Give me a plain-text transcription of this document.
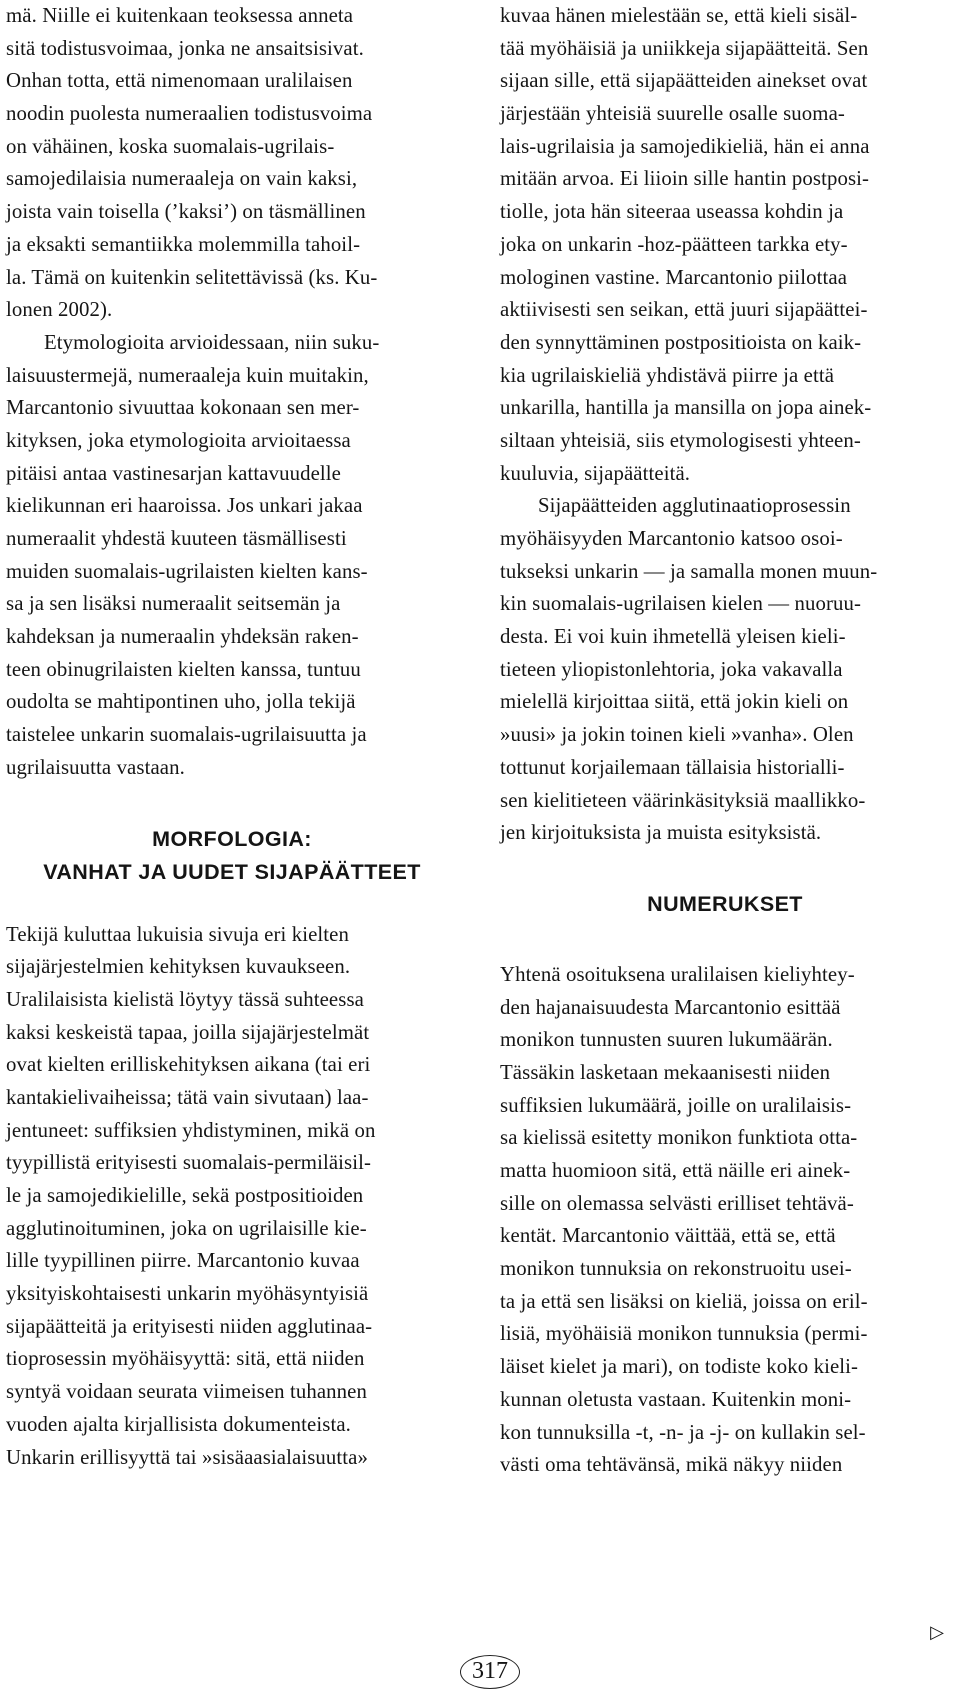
mä. Niille ei kuitenkaan teoksessa anneta
sitä todistusvoimaa, jonka ne ansaitsisivat.
Onhan totta, että nimenomaan uralilaisen
noodin puolesta numeraalien todistusvoima
on vähäinen, koska suomalais-ugrilais-
samojedilaisia numeraaleja on vain kaksi,
joista vain toisella (’kaksi’) on täsmällinen
ja eksakti semantiikka molemmilla tahoil-
la. Tämä on kuitenkin selitettävissä (ks. Ku-
lonen 2002).
Etymologioita arvioidessaan, niin suku-
laisuustermejä, numeraaleja kuin muitakin,
Marcantonio sivuuttaa kokonaan sen mer-
kityksen, joka etymologioita arvioitaessa
pitäisi antaa vastinesarjan kattavuudelle
kielikunnan eri haaroissa. Jos unkari jakaa
numeraalit yhdestä kuuteen täsmällisesti
muiden suomalais-ugrilaisten kielten kans-
sa ja sen lisäksi numeraalit seitsemän ja
kahdeksan ja numeraalin yhdeksän raken-
teen obinugrilaisten kielten kanssa, tuntuu
oudolta se mahtipontinen uho, jolla tekijä
taistelee unkarin suomalais-ugrilaisuutta ja
ugrilaisuutta vastaan.
MORFOLOGIA:
VANHAT JA UUDET SIJAPÄÄTTEET
Tekijä kuluttaa lukuisia sivuja eri kielten
sijajärjestelmien kehityksen kuvaukseen.
Uralilaisista kielistä löytyy tässä suhteessa
kaksi keskeistä tapaa, joilla sijajärjestelmät
ovat kielten erilliskehityksen aikana (tai eri
kantakielivaiheissa; tätä vain sivutaan) laa-
jentuneet: suffiksien yhdistyminen, mikä on
tyypillistä erityisesti suomalais-permiläisil-
le ja samojedikielille, sekä postpositioiden
agglutinoituminen, joka on ugrilaisille kie-
lille tyypillinen piirre. Marcantonio kuvaa
yksityiskohtaisesti unkarin myöhäsyntyisiä
sijapäätteitä ja erityisesti niiden agglutinaa-
tioprosessin myöhäisyyttä: sitä, että niiden
syntyä voidaan seurata viimeisen tuhannen
vuoden ajalta kirjallisista dokumenteista.
Unkarin erillisyyttä tai »sisäaasialaisuutta»
kuvaa hänen mielestään se, että kieli sisäl-
tää myöhäisiä ja uniikkeja sijapäätteitä. Sen
sijaan sille, että sijapäätteiden ainekset ovat
järjestään yhteisiä suurelle osalle suoma-
lais-ugrilaisia ja samojedikieliä, hän ei anna
mitään arvoa. Ei liioin sille hantin postposi-
tiolle, jota hän siteeraa useassa kohdin ja
joka on unkarin -hoz-päätteen tarkka ety-
mologinen vastine. Marcantonio piilottaa
aktiivisesti sen seikan, että juuri sijapäättei-
den synnyttäminen postpositioista on kaik-
kia ugrilaiskieliä yhdistävä piirre ja että
unkarilla, hantilla ja mansilla on jopa ainek-
siltaan yhteisiä, siis etymologisesti yhteen-
kuuluvia, sijapäätteitä.
Sijapäätteiden agglutinaatioprosessin
myöhäisyyden Marcantonio katsoo osoi-
tukseksi unkarin — ja samalla monen muun-
kin suomalais-ugrilaisen kielen — nuoruu-
desta. Ei voi kuin ihmetellä yleisen kieli-
tieteen yliopistonlehtoria, joka vakavalla
mielellä kirjoittaa siitä, että jokin kieli on
»uusi» ja jokin toinen kieli »vanha». Olen
tottunut korjailemaan tällaisia historialli-
sen kielitieteen väärinkäsityksiä maallikko-
jen kirjoituksista ja muista esityksistä.
NUMERUKSET
Yhtenä osoituksena uralilaisen kieliyhtey-
den hajanaisuudesta Marcantonio esittää
monikon tunnusten suuren lukumäärän.
Tässäkin lasketaan mekaanisesti niiden
suffiksien lukumäärä, joille on uralilaisis-
sa kielissä esitetty monikon funktiota otta-
matta huomioon sitä, että näille eri ainek-
sille on olemassa selvästi erilliset tehtävä-
kentät. Marcantonio väittää, että se, että
monikon tunnuksia on rekonstruoitu usei-
ta ja että sen lisäksi on kieliä, joissa on eril-
lisiä, myöhäisiä monikon tunnuksia (permi-
läiset kielet ja mari), on todiste koko kieli-
kunnan oletusta vastaan. Kuitenkin moni-
kon tunnuksilla -t, -n- ja -j- on kullakin sel-
västi oma tehtävänsä, mikä näkyy niiden
▷
317
